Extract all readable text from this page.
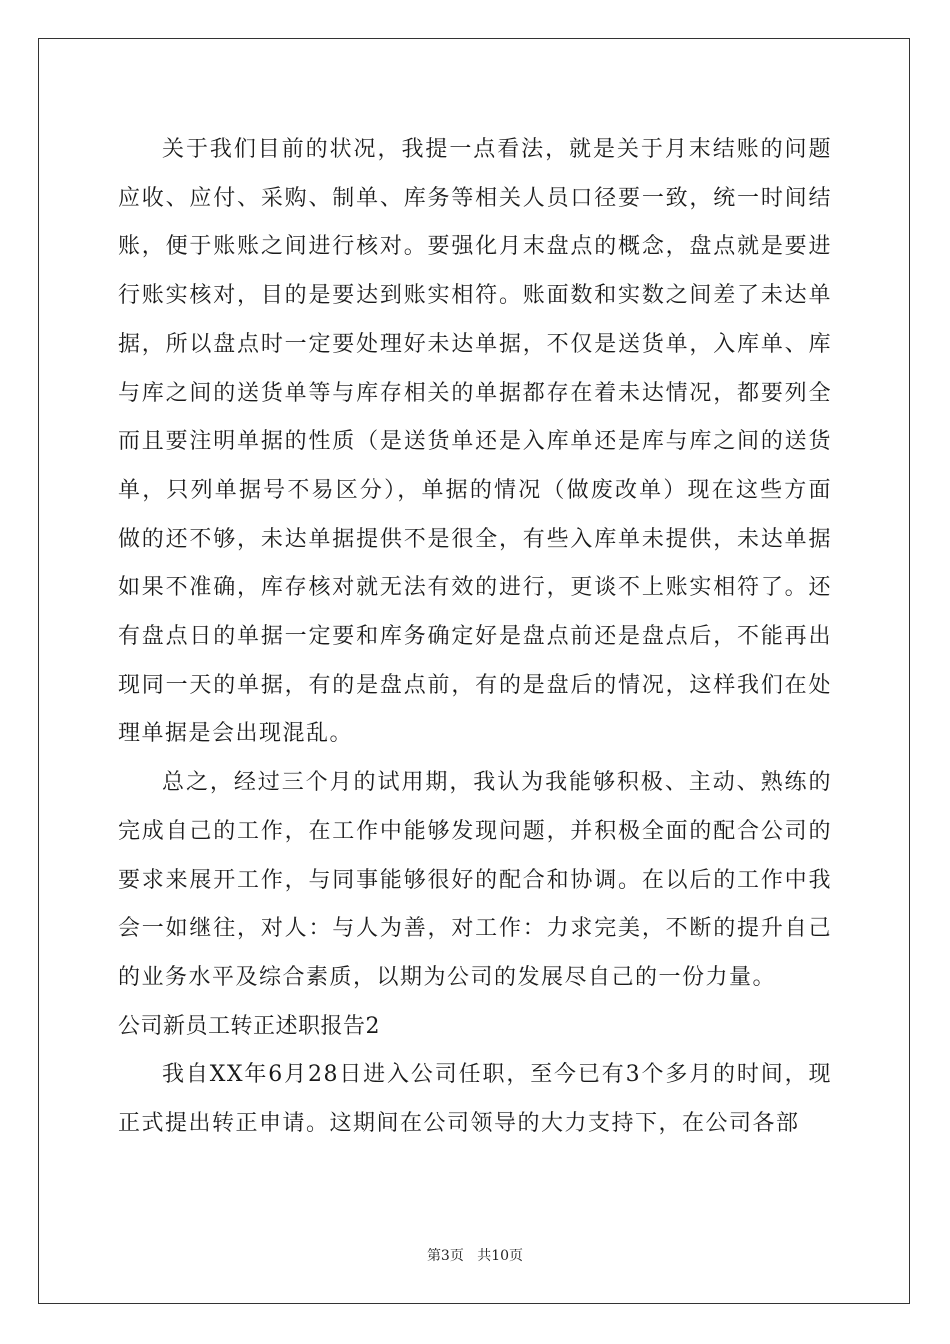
关于我们目前的状况，我提一点看法，就是关于月末结账的问题应收、应付、采购、制单、库务等相关人员口径要一致，统一时间结账，便于账账之间进行核对。要强化月末盘点的概念，盘点就是要进行账实核对，目的是要达到账实相符。账面数和实数之间差了未达单据，所以盘点时一定要处理好未达单据，不仅是送货单，入库单、库与库之间的送货单等与库存相关的单据都存在着未达情况，都要列全而且要注明单据的性质（是送货单还是入库单还是库与库之间的送货单，只列单据号不易区分），单据的情况（做废改单）现在这些方面做的还不够，未达单据提供不是很全，有些入库单未提供，未达单据如果不准确，库存核对就无法有效的进行，更谈不上账实相符了。还有盘点日的单据一定要和库务确定好是盘点前还是盘点后，不能再出现同一天的单据，有的是盘点前，有的是盘后的情况，这样我们在处理单据是会出现混乱。

总之，经过三个月的试用期，我认为我能够积极、主动、熟练的完成自己的工作，在工作中能够发现问题，并积极全面的配合公司的要求来展开工作，与同事能够很好的配合和协调。在以后的工作中我会一如继往，对人：与人为善，对工作：力求完美，不断的提升自己的业务水平及综合素质，以期为公司的发展尽自己的一份力量。

公司新员工转正述职报告2

我自XX年6月28日进入公司任职，至今已有3个多月的时间，现正式提出转正申请。这期间在公司领导的大力支持下，在公司各部

第3页 共10页
